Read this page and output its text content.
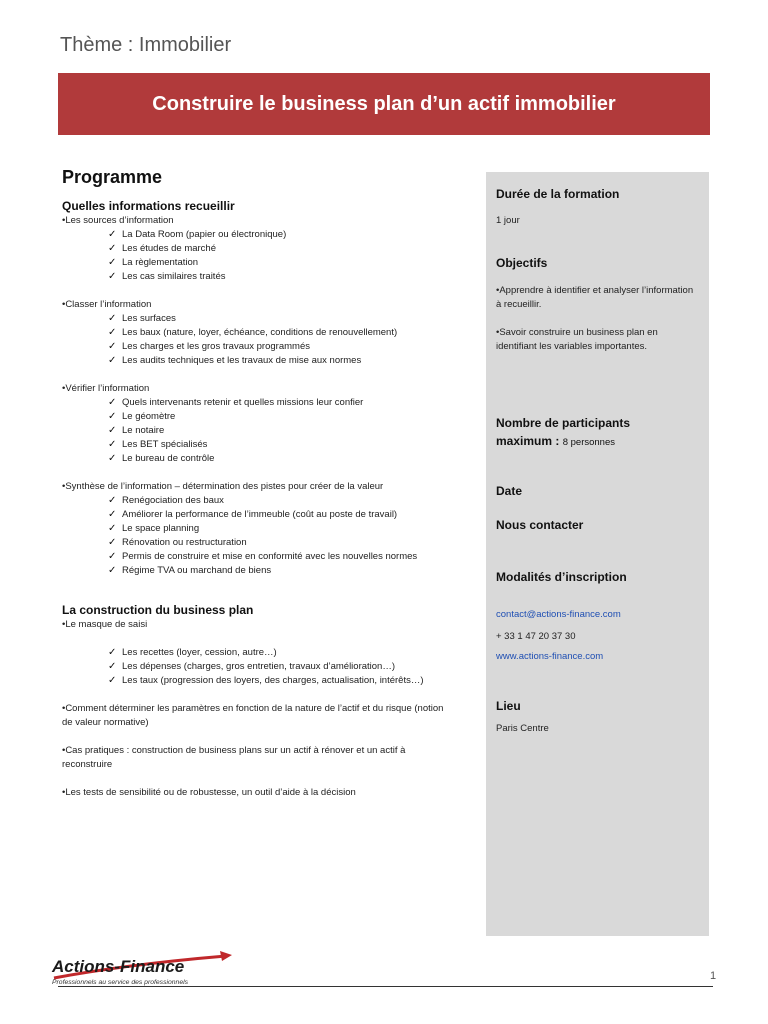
Thème : Immobilier
Construire le business plan d’un actif immobilier
Programme
Quelles informations recueillir
•Les sources d’information
✓ La Data Room (papier ou électronique)
✓ Les études de marché
✓ La règlementation
✓ Les cas similaires traités
•Classer l’information
✓ Les surfaces
✓ Les baux (nature, loyer, échéance, conditions de renouvellement)
✓ Les charges et les gros travaux programmés
✓ Les audits techniques et les travaux de mise aux normes
•Vérifier l’information
✓ Quels intervenants retenir et quelles missions leur confier
✓ Le géomètre
✓ Le notaire
✓ Les BET spécialisés
✓ Le bureau de contrôle
•Synthèse de l’information – détermination des pistes pour créer de la valeur
✓ Renégociation des baux
✓ Améliorer la performance de l’immeuble (coût au poste de travail)
✓ Le space planning
✓ Rénovation ou restructuration
✓ Permis de construire et mise en conformité avec les nouvelles normes
✓ Régime TVA ou marchand de biens
La construction du business plan
•Le masque de saisi
✓ Les recettes (loyer, cession, autre…)
✓ Les dépenses (charges, gros entretien, travaux d’amélioration…)
✓ Les taux (progression des loyers, des charges, actualisation, intérêts…)
•Comment déterminer les paramètres en fonction de la nature de l’actif et du risque (notion de valeur normative)
•Cas pratiques : construction de business plans sur un actif à rénover et un actif à reconstruire
•Les tests de sensibilité ou de robustesse, un outil d’aide à la décision
Durée de la formation
1 jour
Objectifs
•Apprendre à identifier et analyser l’information à recueillir.
•Savoir construire un business plan en identifiant les variables importantes.
Nombre de participants maximum : 8 personnes
Date
Nous contacter
Modalités d’inscription
contact@actions-finance.com
+ 33 1 47 20 37 30
www.actions-finance.com
Lieu
Paris Centre
Actions-Finance
Professionnels au service des professionnels
1
